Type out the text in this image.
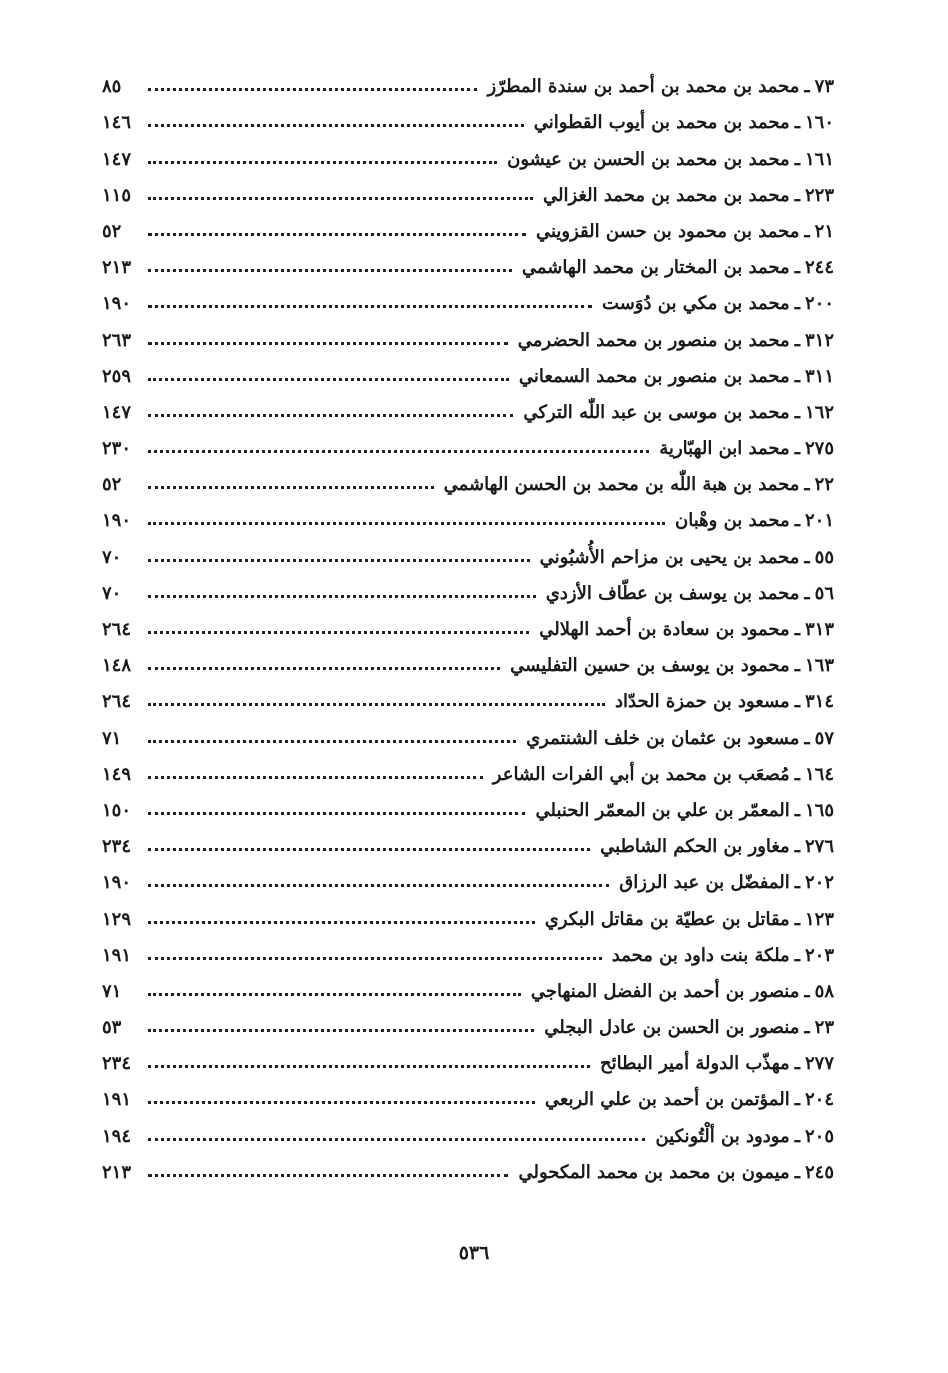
٧٣
ـ
محمد بن محمد بن أحمد بن سندة المطرّز
٨٥
١٦٠
ـ
محمد بن محمد بن أيوب القطواني
١٤٦
١٦١
ـ
محمد بن محمد بن الحسن بن عيشون
١٤٧
٢٢٣
ـ
محمد بن محمد بن محمد الغزالي
١١٥
٢١
ـ
محمد بن محمود بن حسن القزويني
٥٢
٢٤٤
ـ
محمد بن المختار بن محمد الهاشمي
٢١٣
٢٠٠
ـ
محمد بن مكي بن دُوَست
١٩٠
٣١٢
ـ
محمد بن منصور بن محمد الحضرمي
٢٦٣
٣١١
ـ
محمد بن منصور بن محمد السمعاني
٢٥٩
١٦٢
ـ
محمد بن موسى بن عبد اللّٰه التركي
١٤٧
٢٧٥
ـ
محمد ابن الهبّارية
٢٣٠
٢٢
ـ
محمد بن هبة اللّٰه بن محمد بن الحسن الهاشمي
٥٢
٢٠١
ـ
محمد بن وهْبان
١٩٠
٥٥
ـ
محمد بن يحيى بن مزاحم الأُشبُوني
٧٠
٥٦
ـ
محمد بن يوسف بن عطّاف الأزدي
٧٠
٣١٣
ـ
محمود بن سعادة بن أحمد الهلالي
٢٦٤
١٦٣
ـ
محمود بن يوسف بن حسين التفليسي
١٤٨
٣١٤
ـ
مسعود بن حمزة الحدّاد
٢٦٤
٥٧
ـ
مسعود بن عثمان بن خلف الشنتمري
٧١
١٦٤
ـ
مُصعَب بن محمد بن أبي الفرات الشاعر
١٤٩
١٦٥
ـ
المعمّر بن علي بن المعمّر الحنبلي
١٥٠
٢٧٦
ـ
مغاور بن الحكم الشاطبي
٢٣٤
٢٠٢
ـ
المفضّل بن عبد الرزاق
١٩٠
١٢٣
ـ
مقاتل بن عطيّة بن مقاتل البكري
١٢٩
٢٠٣
ـ
ملكة بنت داود بن محمد
١٩١
٥٨
ـ
منصور بن أحمد بن الفضل المنهاجي
٧١
٢٣
ـ
منصور بن الحسن بن عادل البجلي
٥٣
٢٧٧
ـ
مهذّب الدولة أمير البطائح
٢٣٤
٢٠٤
ـ
المؤتمن بن أحمد بن علي الربعي
١٩١
٢٠٥
ـ
مودود بن ألْتُونكين
١٩٤
٢٤٥
ـ
ميمون بن محمد بن محمد المكحولي
٢١٣
٥٣٦
